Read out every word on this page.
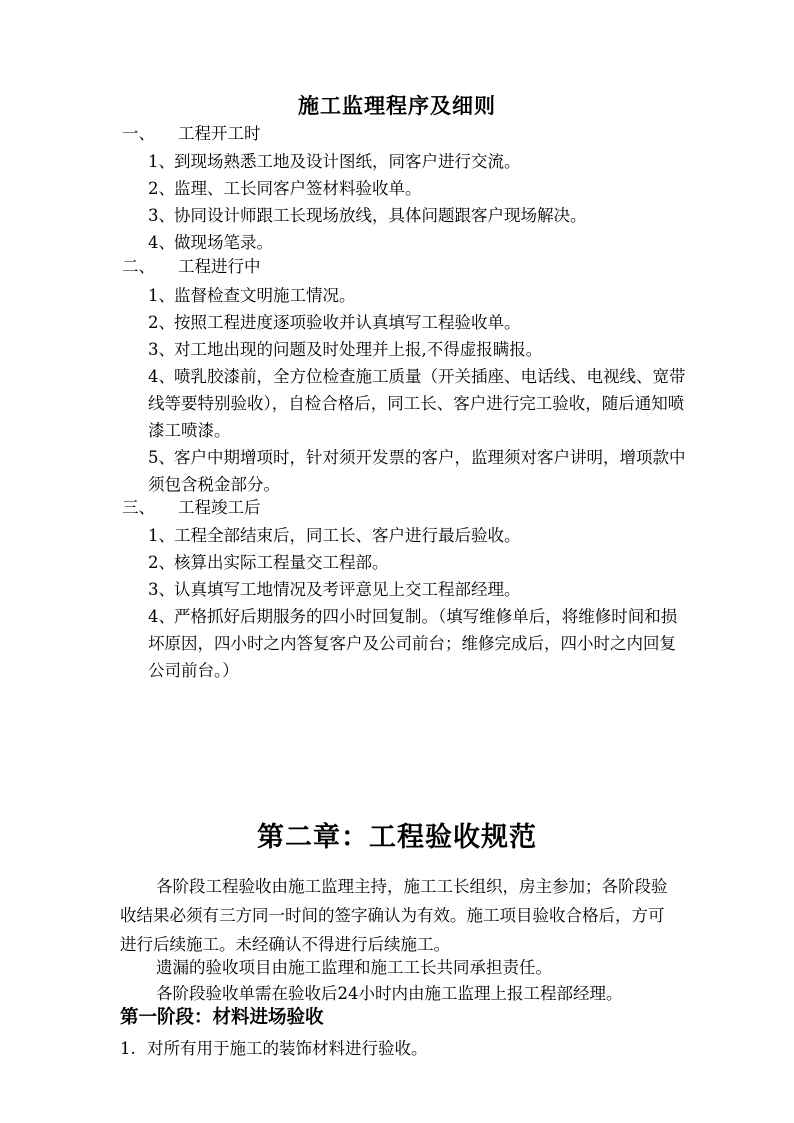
施工监理程序及细则
一、 工程开工时
1、到现场熟悉工地及设计图纸，同客户进行交流。
2、监理、工长同客户签材料验收单。
3、协同设计师跟工长现场放线，具体问题跟客户现场解决。
4、做现场笔录。
二、 工程进行中
1、监督检查文明施工情况。
2、按照工程进度逐项验收并认真填写工程验收单。
3、对工地出现的问题及时处理并上报,不得虚报瞒报。
4、喷乳胶漆前，全方位检查施工质量（开关插座、电话线、电视线、宽带线等要特别验收），自检合格后，同工长、客户进行完工验收，随后通知喷漆工喷漆。
5、客户中期增项时，针对须开发票的客户，监理须对客户讲明，增项款中须包含税金部分。
三、 工程竣工后
1、工程全部结束后，同工长、客户进行最后验收。
2、核算出实际工程量交工程部。
3、认真填写工地情况及考评意见上交工程部经理。
4、严格抓好后期服务的四小时回复制。（填写维修单后，将维修时间和损坏原因，四小时之内答复客户及公司前台；维修完成后，四小时之内回复公司前台。）
第二章：工程验收规范
各阶段工程验收由施工监理主持，施工工长组织，房主参加；各阶段验收结果必须有三方同一时间的签字确认为有效。施工项目验收合格后，方可进行后续施工。未经确认不得进行后续施工。
遗漏的验收项目由施工监理和施工工长共同承担责任。
各阶段验收单需在验收后24小时内由施工监理上报工程部经理。
第一阶段：材料进场验收
1. 对所有用于施工的装饰材料进行验收。
